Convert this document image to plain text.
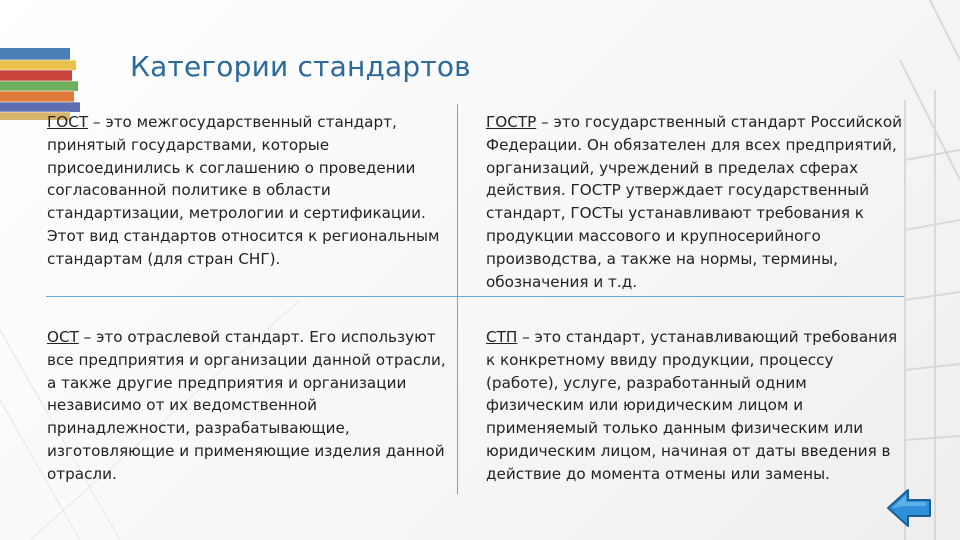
Категории стандартов
ГОСТ – это межгосударственный стандарт, принятый государствами, которые присоединились к соглашению о проведении согласованной политике в области стандартизации, метрологии и сертификации. Этот вид стандартов относится к региональным стандартам (для стран СНГ).
ГОСТР – это государственный стандарт Российской Федерации. Он обязателен для всех предприятий, организаций, учреждений в пределах сферах действия. ГОСТР утверждает государственный стандарт, ГОСТы устанавливают требования к продукции массового и крупносерийного производства, а также на нормы, термины, обозначения и т.д.
ОСТ – это отраслевой стандарт. Его используют все предприятия и организации данной отрасли, а также другие предприятия и организации независимо от их ведомственной принадлежности, разрабатывающие, изготовляющие и применяющие изделия данной отрасли.
СТП – это стандарт, устанавливающий требования к конкретному ввиду продукции, процессу (работе), услуге, разработанный одним физическим или юридическим лицом и применяемый только данным физическим или юридическим лицом, начиная от даты введения в действие до момента отмены или замены.
